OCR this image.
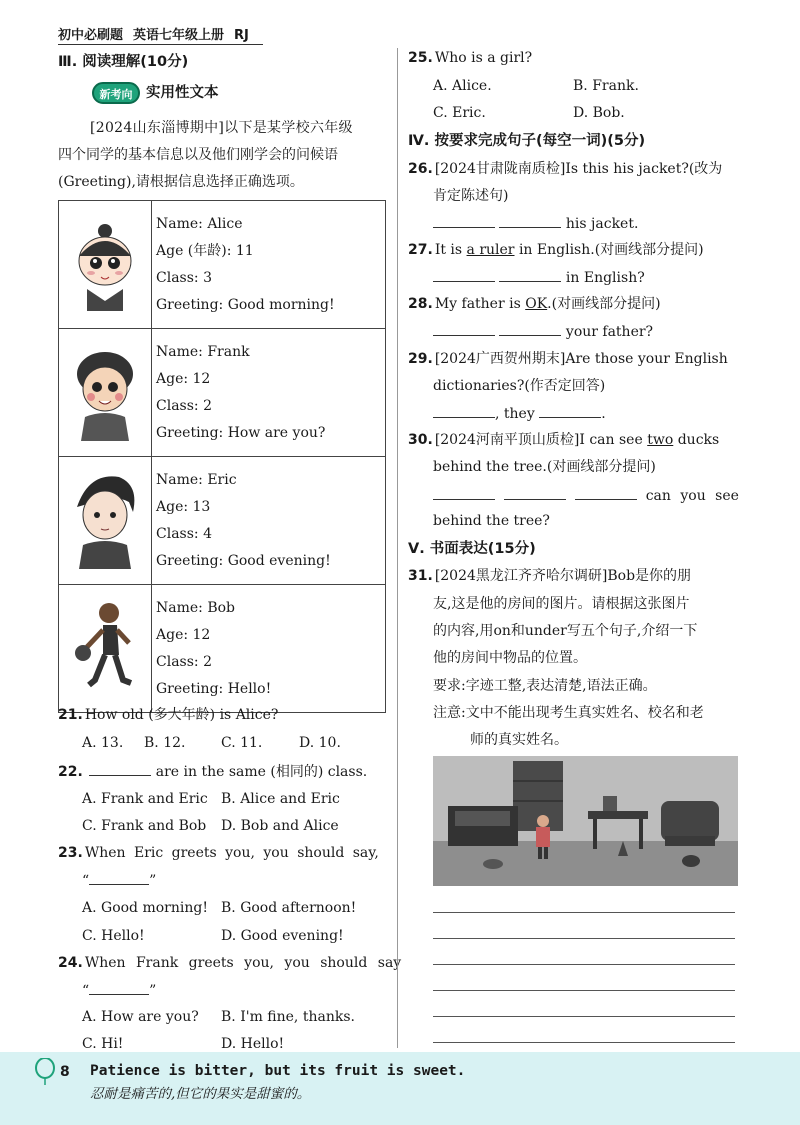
初中必刷题 英语七年级上册 RJ
Ⅲ. 阅读理解(10分)
新考向 实用性文本
[2024山东淄博期中]以下是某学校六年级
四个同学的基本信息以及他们刚学会的问候语
(Greeting),请根据信息选择正确选项。

Name: Alice
Age (年龄): 11
Class: 3
Greeting: Good morning!

Name: Frank
Age: 12
Class: 2
Greeting: How are you?

Name: Eric
Age: 13
Class: 4
Greeting: Good evening!

Name: Bob
Age: 12
Class: 2
Greeting: Hello!
21. How old (多大年龄) is Alice?
A. 13. B. 12.	C. 11.	D. 10.
22.	are in the same (相同的) class.
A. Frank and Eric B. Alice and Eric
C. Frank and Bob D. Bob and Alice
23. When Eric greets you, you should say,
“	”
A. Good morning! B. Good afternoon!
C. Hello!	D. Good evening!
24. When Frank greets you, you should say
“	”
A. How are you? B. I'm fine, thanks.
C. Hi!	D. Hello!
25. Who is a girl?
A. Alice.	B. Frank.
C. Eric.	D. Bob.
Ⅳ. 按要求完成句子(每空一词)(5分)
26. [2024甘肃陇南质检]Is this his jacket?(改为
肯定陈述句)
his jacket.
27. It is a ruler in English.(对画线部分提问)
in English?
28. My father is OK.(对画线部分提问)
your father?
29. [2024广西贺州期末]Are those your English
dictionaries?(作否定回答)
, they	.
30. [2024河南平顶山质检]I can see two ducks
behind the tree.(对画线部分提问)
can you see
behind the tree?
Ⅴ. 书面表达(15分)
31. [2024黑龙江齐齐哈尔调研]Bob是你的朋
友,这是他的房间的图片。请根据这张图片
的内容,用on和under写五个句子,介绍一下
他的房间中物品的位置。
要求:字迹工整,表达清楚,语法正确。
注意:文中不能出现考生真实姓名、校名和老
师的真实姓名。
8 Patience is bitter, but its fruit is sweet.
忍耐是痛苦的,但它的果实是甜蜜的。
